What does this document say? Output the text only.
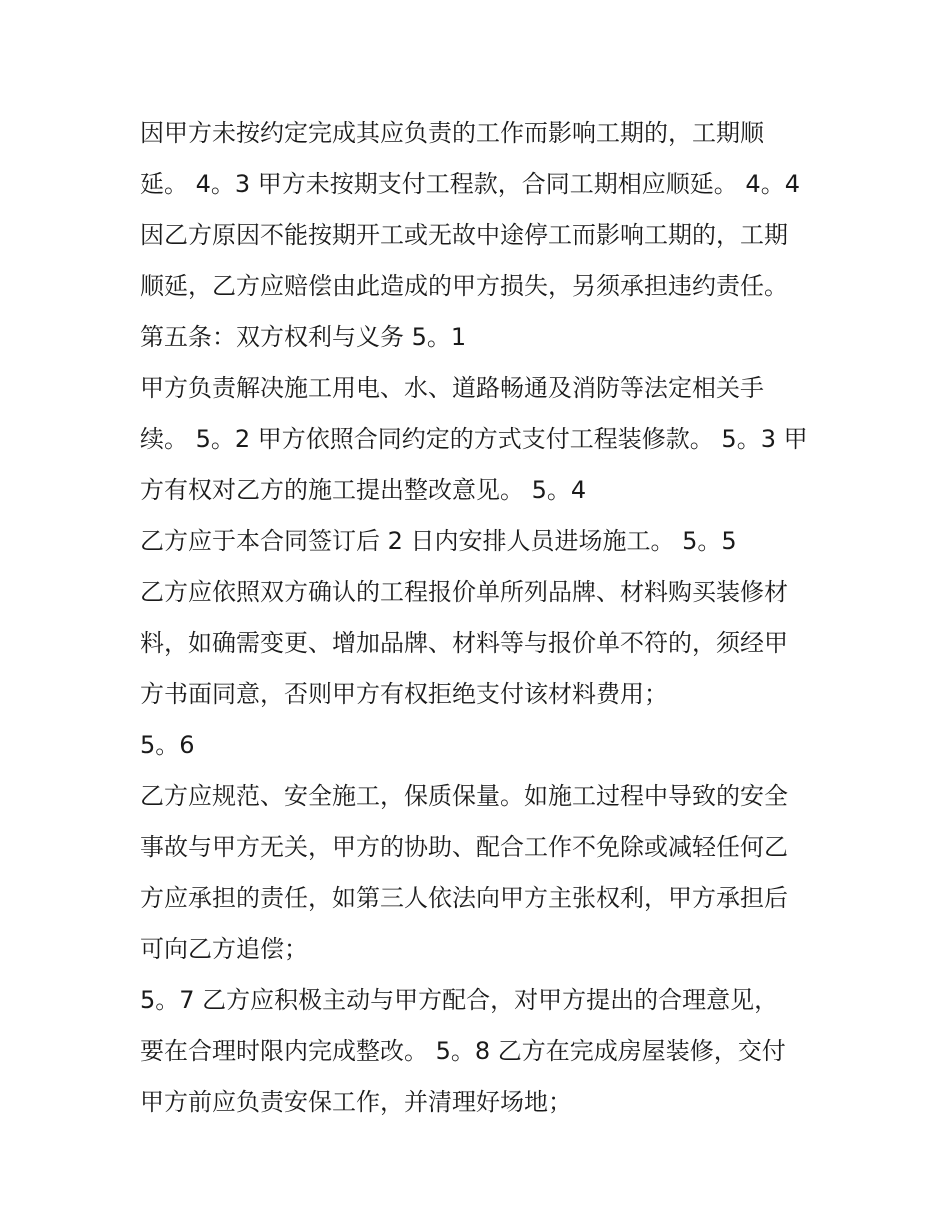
因甲方未按约定完成其应负责的工作而影响工期的，工期顺
延。 4。3 甲方未按期支付工程款，合同工期相应顺延。 4。4
因乙方原因不能按期开工或无故中途停工而影响工期的，工期
顺延，乙方应赔偿由此造成的甲方损失，另须承担违约责任。
第五条：双方权利与义务 5。1
甲方负责解决施工用电、水、道路畅通及消防等法定相关手
续。 5。2 甲方依照合同约定的方式支付工程装修款。 5。3 甲
方有权对乙方的施工提出整改意见。 5。4
乙方应于本合同签订后 2 日内安排人员进场施工。 5。5
乙方应依照双方确认的工程报价单所列品牌、材料购买装修材
料，如确需变更、增加品牌、材料等与报价单不符的，须经甲
方书面同意，否则甲方有权拒绝支付该材料费用；
5。6
乙方应规范、安全施工，保质保量。如施工过程中导致的安全
事故与甲方无关，甲方的协助、配合工作不免除或减轻任何乙
方应承担的责任，如第三人依法向甲方主张权利，甲方承担后
可向乙方追偿；
5。7 乙方应积极主动与甲方配合，对甲方提出的合理意见，
要在合理时限内完成整改。 5。8 乙方在完成房屋装修，交付
甲方前应负责安保工作，并清理好场地；
